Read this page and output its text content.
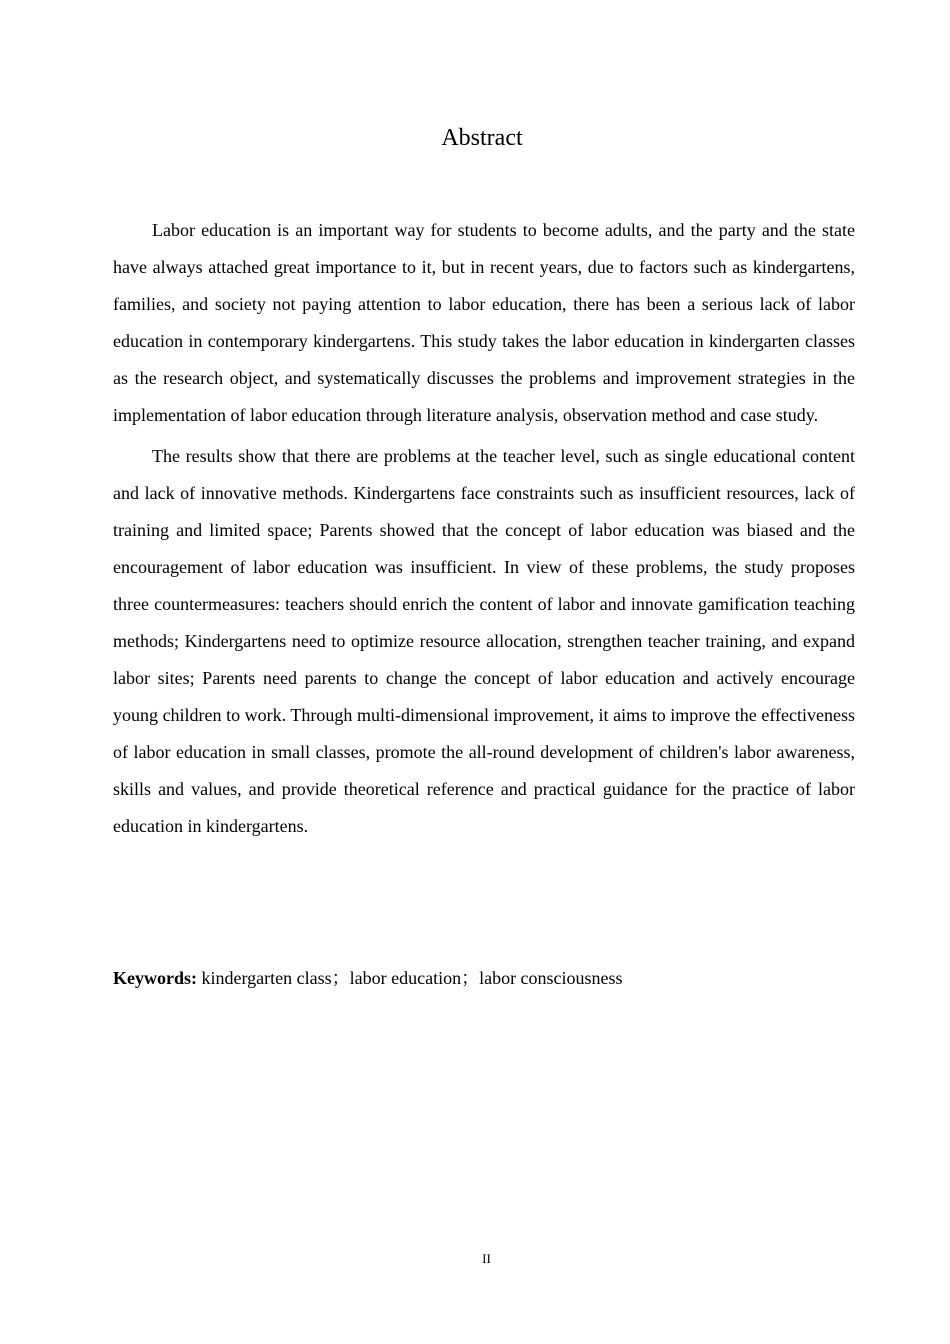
Abstract

Labor education is an important way for students to become adults, and the party and the state have always attached great importance to it, but in recent years, due to factors such as kindergartens, families, and society not paying attention to labor education, there has been a serious lack of labor education in contemporary kindergartens. This study takes the labor education in kindergarten classes as the research object, and systematically discusses the problems and improvement strategies in the implementation of labor education through literature analysis, observation method and case study.

The results show that there are problems at the teacher level, such as single educational content and lack of innovative methods. Kindergartens face constraints such as insufficient resources, lack of training and limited space; Parents showed that the concept of labor education was biased and the encouragement of labor education was insufficient. In view of these problems, the study proposes three countermeasures: teachers should enrich the content of labor and innovate gamification teaching methods; Kindergartens need to optimize resource allocation, strengthen teacher training, and expand labor sites; Parents need parents to change the concept of labor education and actively encourage young children to work. Through multi-dimensional improvement, it aims to improve the effectiveness of labor education in small classes, promote the all-round development of children's labor awareness, skills and values, and provide theoretical reference and practical guidance for the practice of labor education in kindergartens.

Keywords: kindergarten class；labor education；labor consciousness
II
